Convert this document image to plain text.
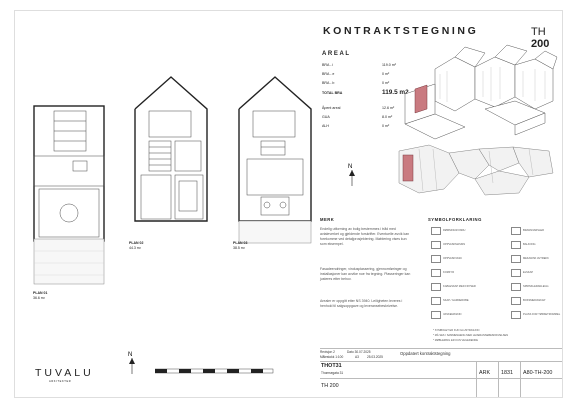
KONTRAKTSTEGNING	TH 200
AREAL
BRA - i	119.0 m²
BRA - e	0 m²
BRA - b	0 m²
TOTAL BRA	119.5 m2
Åpent areal	12.6 m²
GUA	8.0 m²
ALH	0 m²
N
PLAN 01
36.6 m²
PLAN 02
44.3 m²
PLAN 03
38.5 m²
MERK
Endelig utforming av bolig bestemmes i tråd med avtaleverket og gjeldende forskrifter. Eventuelle avvik kan forekomme ved detaljprosjektering. Møblering vises kun som eksempel.
Fasadeendringer, vindusplassering, gjennomføringer og installasjoner kan avvike noe fra tegning. Plasseringer kan justeres etter behov.
Arealer er oppgitt etter NS 3940. Leiligheten leveres i henhold til salgsoppgave og leveransebeskrivelse.
SYMBOLFORKLARING
RØMNINGSVINDU
OPPVASKMASKIN
OPPVASKVASK
KOMFYR
KJØLESKAP MED FRYSER
SKAP / GARDEROBE
VASKEMASKIN
BRANNVARSLER
BALKONG
MEKANISK AVTREKK
ELSKAP
SPRINKLERANLEGG
BOKSMEDIASKAP
PLASS FOR TØRKETROMMEL
* SYMBOLET ER KUN ILLUSTRASJON
* MÅ SES I SAMMENHENG MED LEVERANSEBESKRIVELSEN
* MØBLERING ER KUN VEILEDENDE
TUVALU
ARKITEKTER
N	Revisjon 2	Dato 30.07.2025
Målestokk 1:100	A3	25.03.2025
Oppdatert kontraktstegning
THOT31
Thomsegata 31
TH 200
ARK 1831 A80-TH-200
